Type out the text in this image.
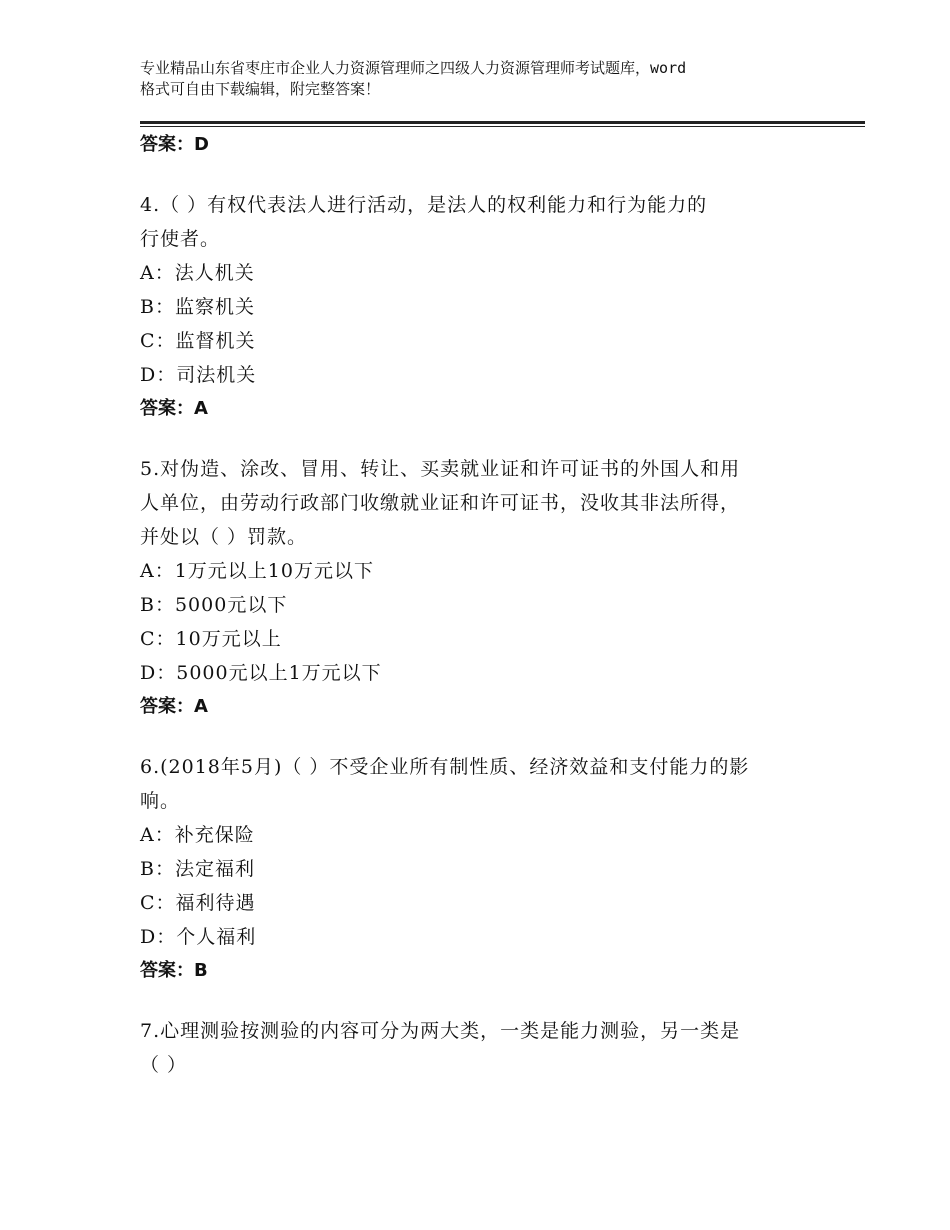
专业精品山东省枣庄市企业人力资源管理师之四级人力资源管理师考试题库，word
格式可自由下载编辑，附完整答案！
答案：D
4.（ ）有权代表法人进行活动，是法人的权利能力和行为能力的
行使者。
A：法人机关
B：监察机关
C：监督机关
D：司法机关
答案：A
5.对伪造、涂改、冒用、转让、买卖就业证和许可证书的外国人和用
人单位，由劳动行政部门收缴就业证和许可证书，没收其非法所得，
并处以（ ）罚款。
A：1万元以上10万元以下
B：5000元以下
C：10万元以上
D：5000元以上1万元以下
答案：A
6.(2018年5月)（ ）不受企业所有制性质、经济效益和支付能力的影
响。
A：补充保险
B：法定福利
C：福利待遇
D：个人福利
答案：B
7.心理测验按测验的内容可分为两大类，一类是能力测验，另一类是
（ ）
